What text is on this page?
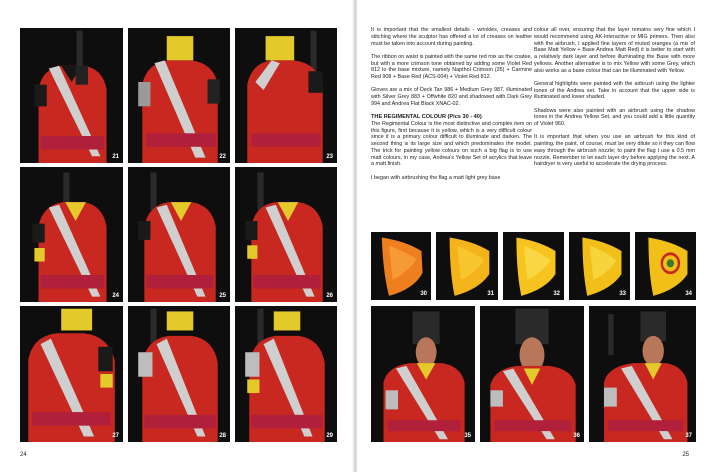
21	22	23
24	25	26
27	28	29
24

It is important that the smallest details - wrinkles, creases and stitching where the sculptor has offered a lot of creases on leather must be taken into account during painting.

The ribbon on waist is painted with the same red mix as the coatee, but with a more crimson tone obtained by adding some Violet Red 812 to the base mixture, namely Napthol Crimson (35) + Carmine Red 908 + Base Red (ACS-004) + Violet Red 812.

Gloves are a mix of Deck Tan 986 + Medium Grey 987, illuminated with Silver Grey 883 + Offwhite 820 and shadowed with Dark Grey 994 and Andrea Flat Black XNAC-02.

THE REGIMENTAL COLOUR (Pics 30 - 40)

The Regimental Colour is the most distinctive and complex item on this figure, first because it is yellow, which is a very difficult colour since it is a primary colour difficult to illuminate and darken. The second thing is its large size and which predominates the model. The trick for painting yellow colours on such a big flag is to use matt colours, in my case, Andrea's Yellow Set of acrylics that leave a matt finish.

I began with airbrushing the flag a matt light grey base

colour all over, ensuring that the layer remains very fine which I would recommend using AK-Interactive or MIG primers. Then also with the airbrush, I applied fine layers of muted oranges (a mix of Base Matt Yellow + Base Andrea Matt Red) it is better to start with a relatively dark layer and before illuminating the Base with more yellows. Another alternative is to mix Yellow with some Grey, which also works as a base colour that can be illuminated with Yellow.

General highlights were painted with the airbrush using the lighter tones of the Andrea set. Take in account that the upper side is illuminated and lower shaded.

Shadows were also painted with an airbrush using the shadow tones in the Andrea Yellow Set, and you could add a little quantity of Violet 960.

It is important that when you use an airbrush for this kind of painting, the paint, of course, must be very dilute so it they can flow easy through the airbrush nozzle; to paint the flag I use a 0.5 mm nozzle. Remember to let each layer dry before applying the next. A hairdryer is very useful to accelerate the drying process.

30	31	32	33	34
35	36	37
25
